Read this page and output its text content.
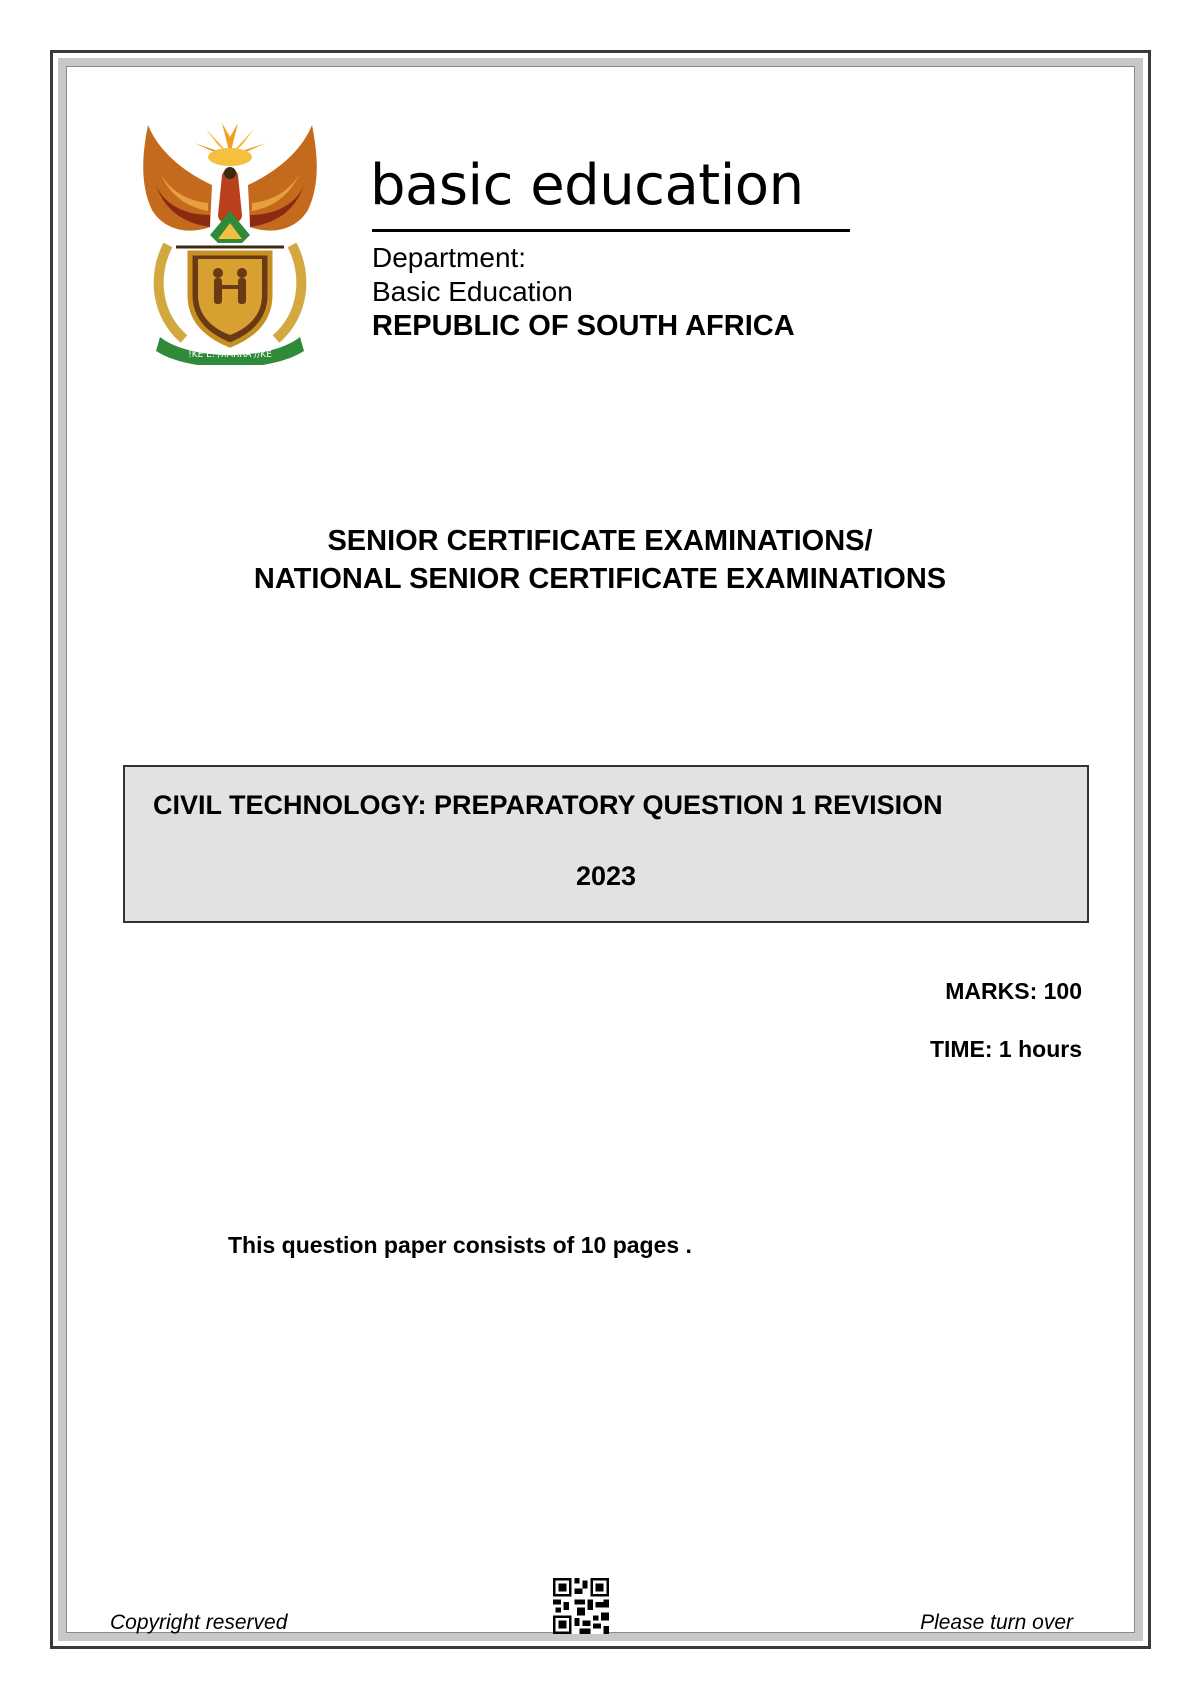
!KE E: /XARRA //KE
basic education
Department:
Basic Education
REPUBLIC OF SOUTH AFRICA
SENIOR CERTIFICATE EXAMINATIONS/
NATIONAL SENIOR CERTIFICATE EXAMINATIONS
CIVIL TECHNOLOGY: PREPARATORY QUESTION 1 REVISION
2023
MARKS: 100
TIME: 1 hours
This question paper consists of 10 pages .
Copyright reserved	Please turn over
